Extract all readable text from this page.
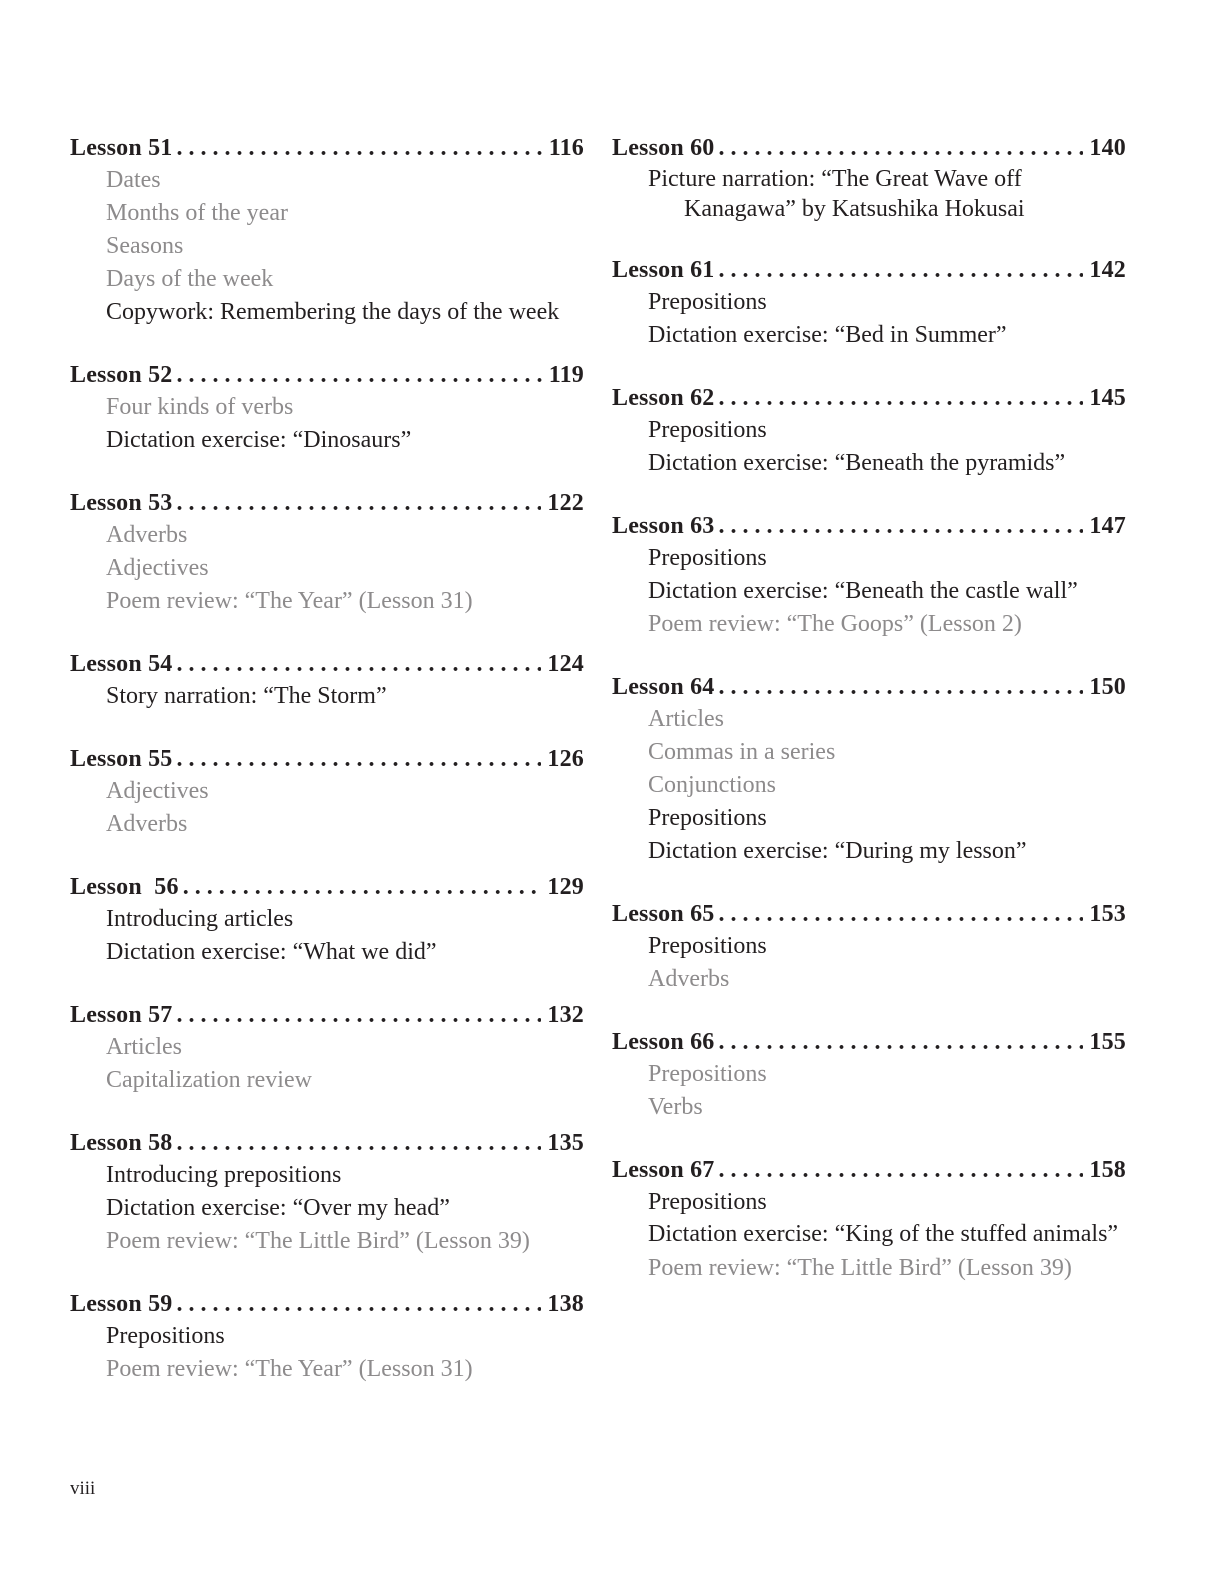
Lesson 51 . . .	116
Dates
Months of the year
Seasons
Days of the week
Copywork: Remembering the days of the week
Lesson 52 . . .	119
Four kinds of verbs
Dictation exercise: “Dinosaurs”
Lesson 53 . . .	122
Adverbs
Adjectives
Poem review: “The Year” (Lesson 31)
Lesson 54 . . .	124
Story narration: “The Storm”
Lesson 55 . . .	126
Adjectives
Adverbs
Lesson  56 . . .	129
Introducing articles
Dictation exercise: “What we did”
Lesson 57 . . .	132
Articles
Capitalization review
Lesson 58 . . .	135
Introducing prepositions
Dictation exercise: “Over my head”
Poem review: “The Little Bird” (Lesson 39)
Lesson 59 . . .	138
Prepositions
Poem review: “The Year” (Lesson 31)
Lesson 60 . . .	140
Picture narration: “The Great Wave off Kanagawa” by Katsushika Hokusai
Lesson 61 . . .	142
Prepositions
Dictation exercise: “Bed in Summer”
Lesson 62 . . .	145
Prepositions
Dictation exercise: “Beneath the pyramids”
Lesson 63 . . .	147
Prepositions
Dictation exercise: “Beneath the castle wall”
Poem review: “The Goops” (Lesson 2)
Lesson 64 . . .	150
Articles
Commas in a series
Conjunctions
Prepositions
Dictation exercise: “During my lesson”
Lesson 65 . . .	153
Prepositions
Adverbs
Lesson 66 . . .	155
Prepositions
Verbs
Lesson 67 . . .	158
Prepositions
Dictation exercise: “King of the stuffed animals”
Poem review: “The Little Bird” (Lesson 39)
viii
